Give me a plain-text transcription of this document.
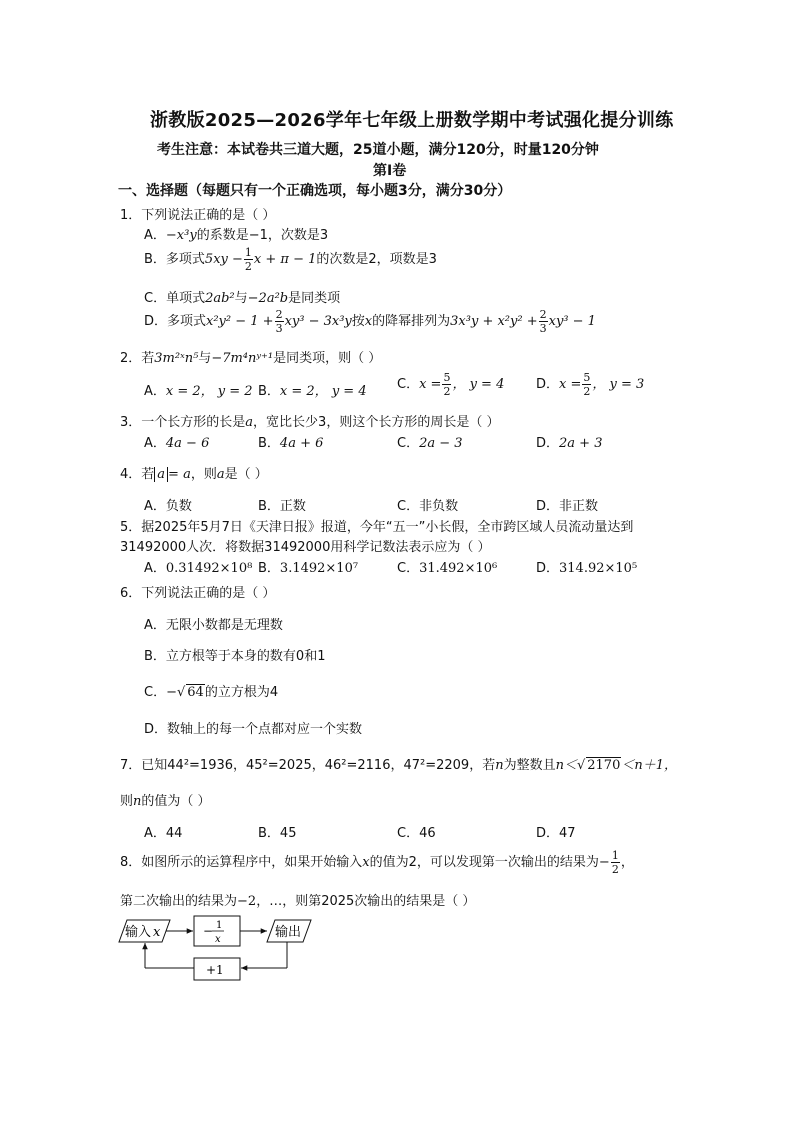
浙教版2025—2026学年七年级上册数学期中考试强化提分训练
考生注意：本试卷共三道大题，25道小题，满分120分，时量120分钟
第Ⅰ卷
一、选择题（每题只有一个正确选项，每小题3分，满分30分）
1．下列说法正确的是（ ）
A．−x³y的系数是−1，次数是3
B．多项式$5xy - \frac{1}{2}$ x + π − 1的次数是2，项数是3
C．单项式2ab²与−2a²b是同类项
D．多项式$x^2y^2 - 1 + \frac{2}{3} xy^3 - 3x^3y$按x的降幂排列为$3x^3y + x^2y^2 + \frac{2}{3} xy^3 - 1$
2．若3m²ˣn⁵与−7m⁴nʸ⁺¹是同类项，则（ ）
A．x = 2， y = 2 B．x = 2， y = 4 C．$x = \frac{5}{2}$ ， y = 4 D．$x = \frac{5}{2}$ ， y = 3
3．一个长方形的长是a，宽比长少3，则这个长方形的周长是（ ）
A．4a − 6	B．4a + 6	C．2a − 3	D．2a + 3
4．若 a = a，则a是（ ）
A．负数	B．正数	C．非负数	D．非正数
5．据2025年5月7日《天津日报》报道，今年“五一”小长假，全市跨区域人员流动量达到
31492000人次．将数据31492000用科学记数法表示应为（ ）
A．0.31492×10⁸ B．3.1492×10⁷	C．31.492×10⁶	D．314.92×10⁵
6．下列说法正确的是（ ）
A．无限小数都是无理数
B．立方根等于本身的数有0和1
C．−√ 64的立方根为4
D．数轴上的每一个点都对应一个实数
7．已知44²=1936，45²=2025，46²=2116，47²=2209，若n为整数且n＜√ 2170＜n＋1，
则n的值为（ ）
A．44	B．45	C．46	D．47
8．如图所示的运算程序中，如果开始输入x的值为2，可以发现第一次输出的结果为− $\frac{1}{2}$ ，
第二次输出的结果为−2，…，则第2025次输出的结果是（ ）
输入 x	− 1
x	输出
+1
